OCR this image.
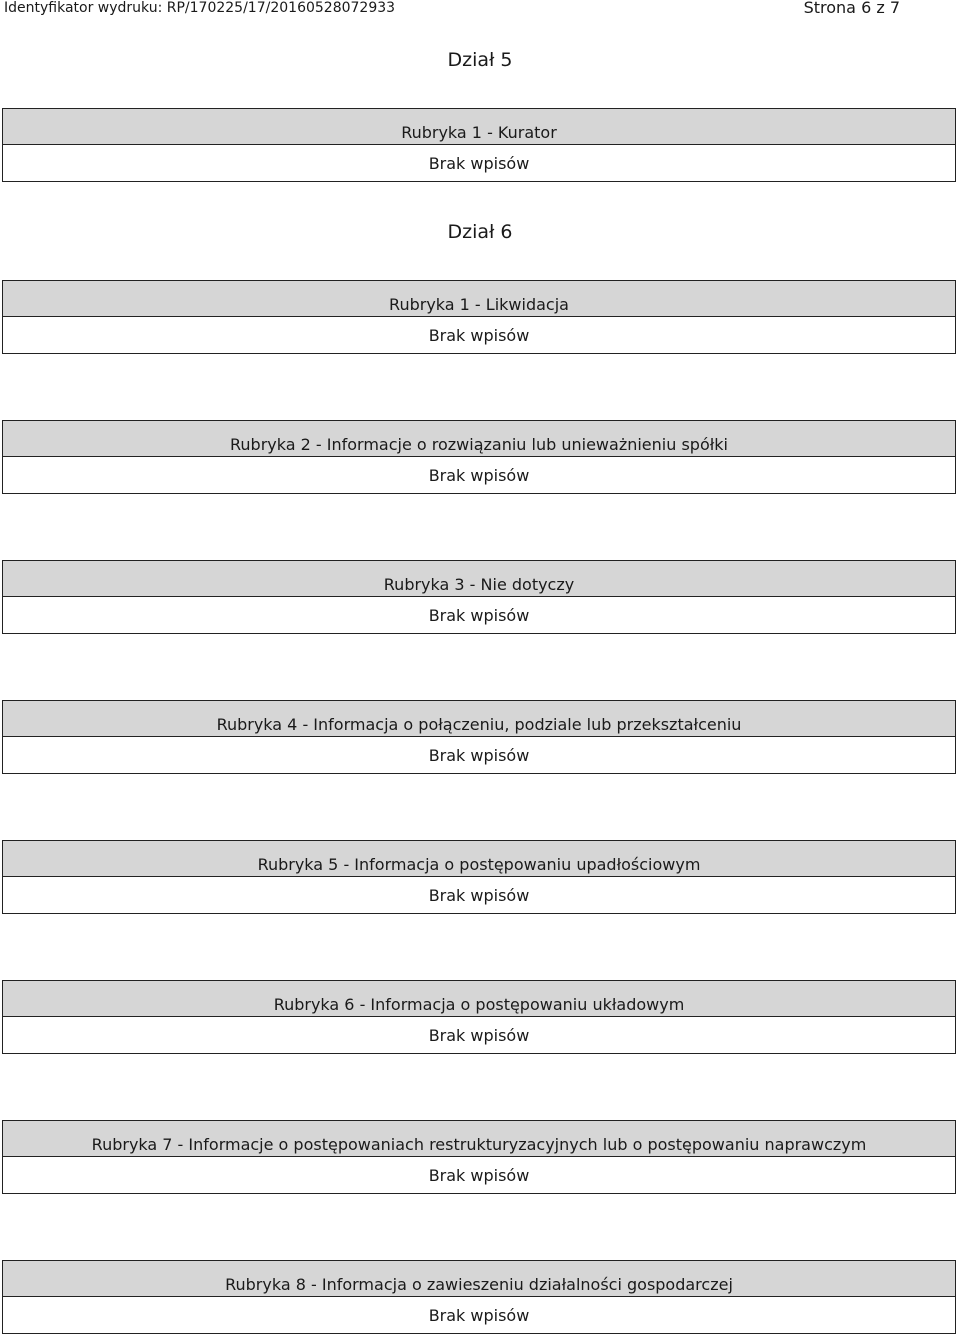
Identyfikator wydruku: RP/170225/17/20160528072933	Strona 6 z 7
Dział 5
Rubryka 1 - Kurator
Brak wpisów
Dział 6
Rubryka 1 - Likwidacja
Brak wpisów
Rubryka 2 - Informacje o rozwiązaniu lub unieważnieniu spółki
Brak wpisów
Rubryka 3 - Nie dotyczy
Brak wpisów
Rubryka 4 - Informacja o połączeniu, podziale lub przekształceniu
Brak wpisów
Rubryka 5 - Informacja o postępowaniu upadłościowym
Brak wpisów
Rubryka 6 - Informacja o postępowaniu układowym
Brak wpisów
Rubryka 7 - Informacje o postępowaniach restrukturyzacyjnych lub o postępowaniu naprawczym
Brak wpisów
Rubryka 8 - Informacja o zawieszeniu działalności gospodarczej
Brak wpisów
